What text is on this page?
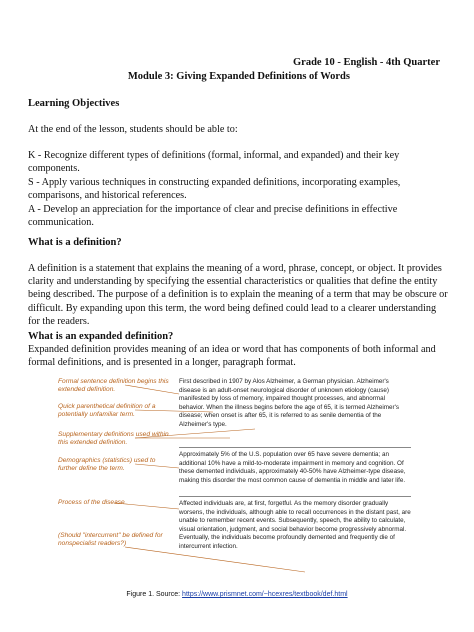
Grade 10 - English - 4th Quarter
Module 3: Giving Expanded Definitions of Words
Learning Objectives
At the end of the lesson, students should be able to:
K - Recognize different types of definitions (formal, informal, and expanded) and their key components.
S - Apply various techniques in constructing expanded definitions, incorporating examples, comparisons, and historical references.
A - Develop an appreciation for the importance of clear and precise definitions in effective communication.
What is a definition?
A definition is a statement that explains the meaning of a word, phrase, concept, or object. It provides clarity and understanding by specifying the essential characteristics or qualities that define the entity being described. The purpose of a definition is to explain the meaning of a term that may be obscure or difficult. By expanding upon this term, the word being defined could lead to a clearer understanding for the readers.
What is an expanded definition?
Expanded definition provides meaning of an idea or word that has components of both informal and formal definitions, and is presented in a longer, paragraph format.
Formal sentence definition begins this extended definition.
Quick parenthetical definition of a potentially unfamiliar term.
Supplementary definitions used within this extended definition.
Demographics (statistics) used to further define the term.
Process of the disease
(Should "intercurrent" be defined for nonspecialist readers?)
First described in 1907 by Alos Alzheimer, a German physician. Alzheimer's disease is an adult-onset neurological disorder of unknown etiology (cause) manifested by loss of memory, impaired thought processes, and abnormal behavior. When the illness begins before the age of 65, it is termed Alzheimer's disease; when onset is after 65, it is referred to as senile dementia of the Alzheimer's type.
Approximately 5% of the U.S. population over 65 have severe dementia; an additional 10% have a mild-to-moderate impairment in memory and cognition. Of these demented individuals, approximately 40-50% have Alzheimer-type disease, making this disorder the most common cause of dementia in middle and later life.
Affected individuals are, at first, forgetful. As the memory disorder gradually worsens, the individuals, although able to recall occurrences in the distant past, are unable to remember recent events. Subsequently, speech, the ability to calculate, visual orientation, judgment, and social behavior become progressively abnormal. Eventually, the individuals become profoundly demented and frequently die of intercurrent infection.
Figure 1. Source: https://www.prismnet.com/~hcexres/textbook/def.html
